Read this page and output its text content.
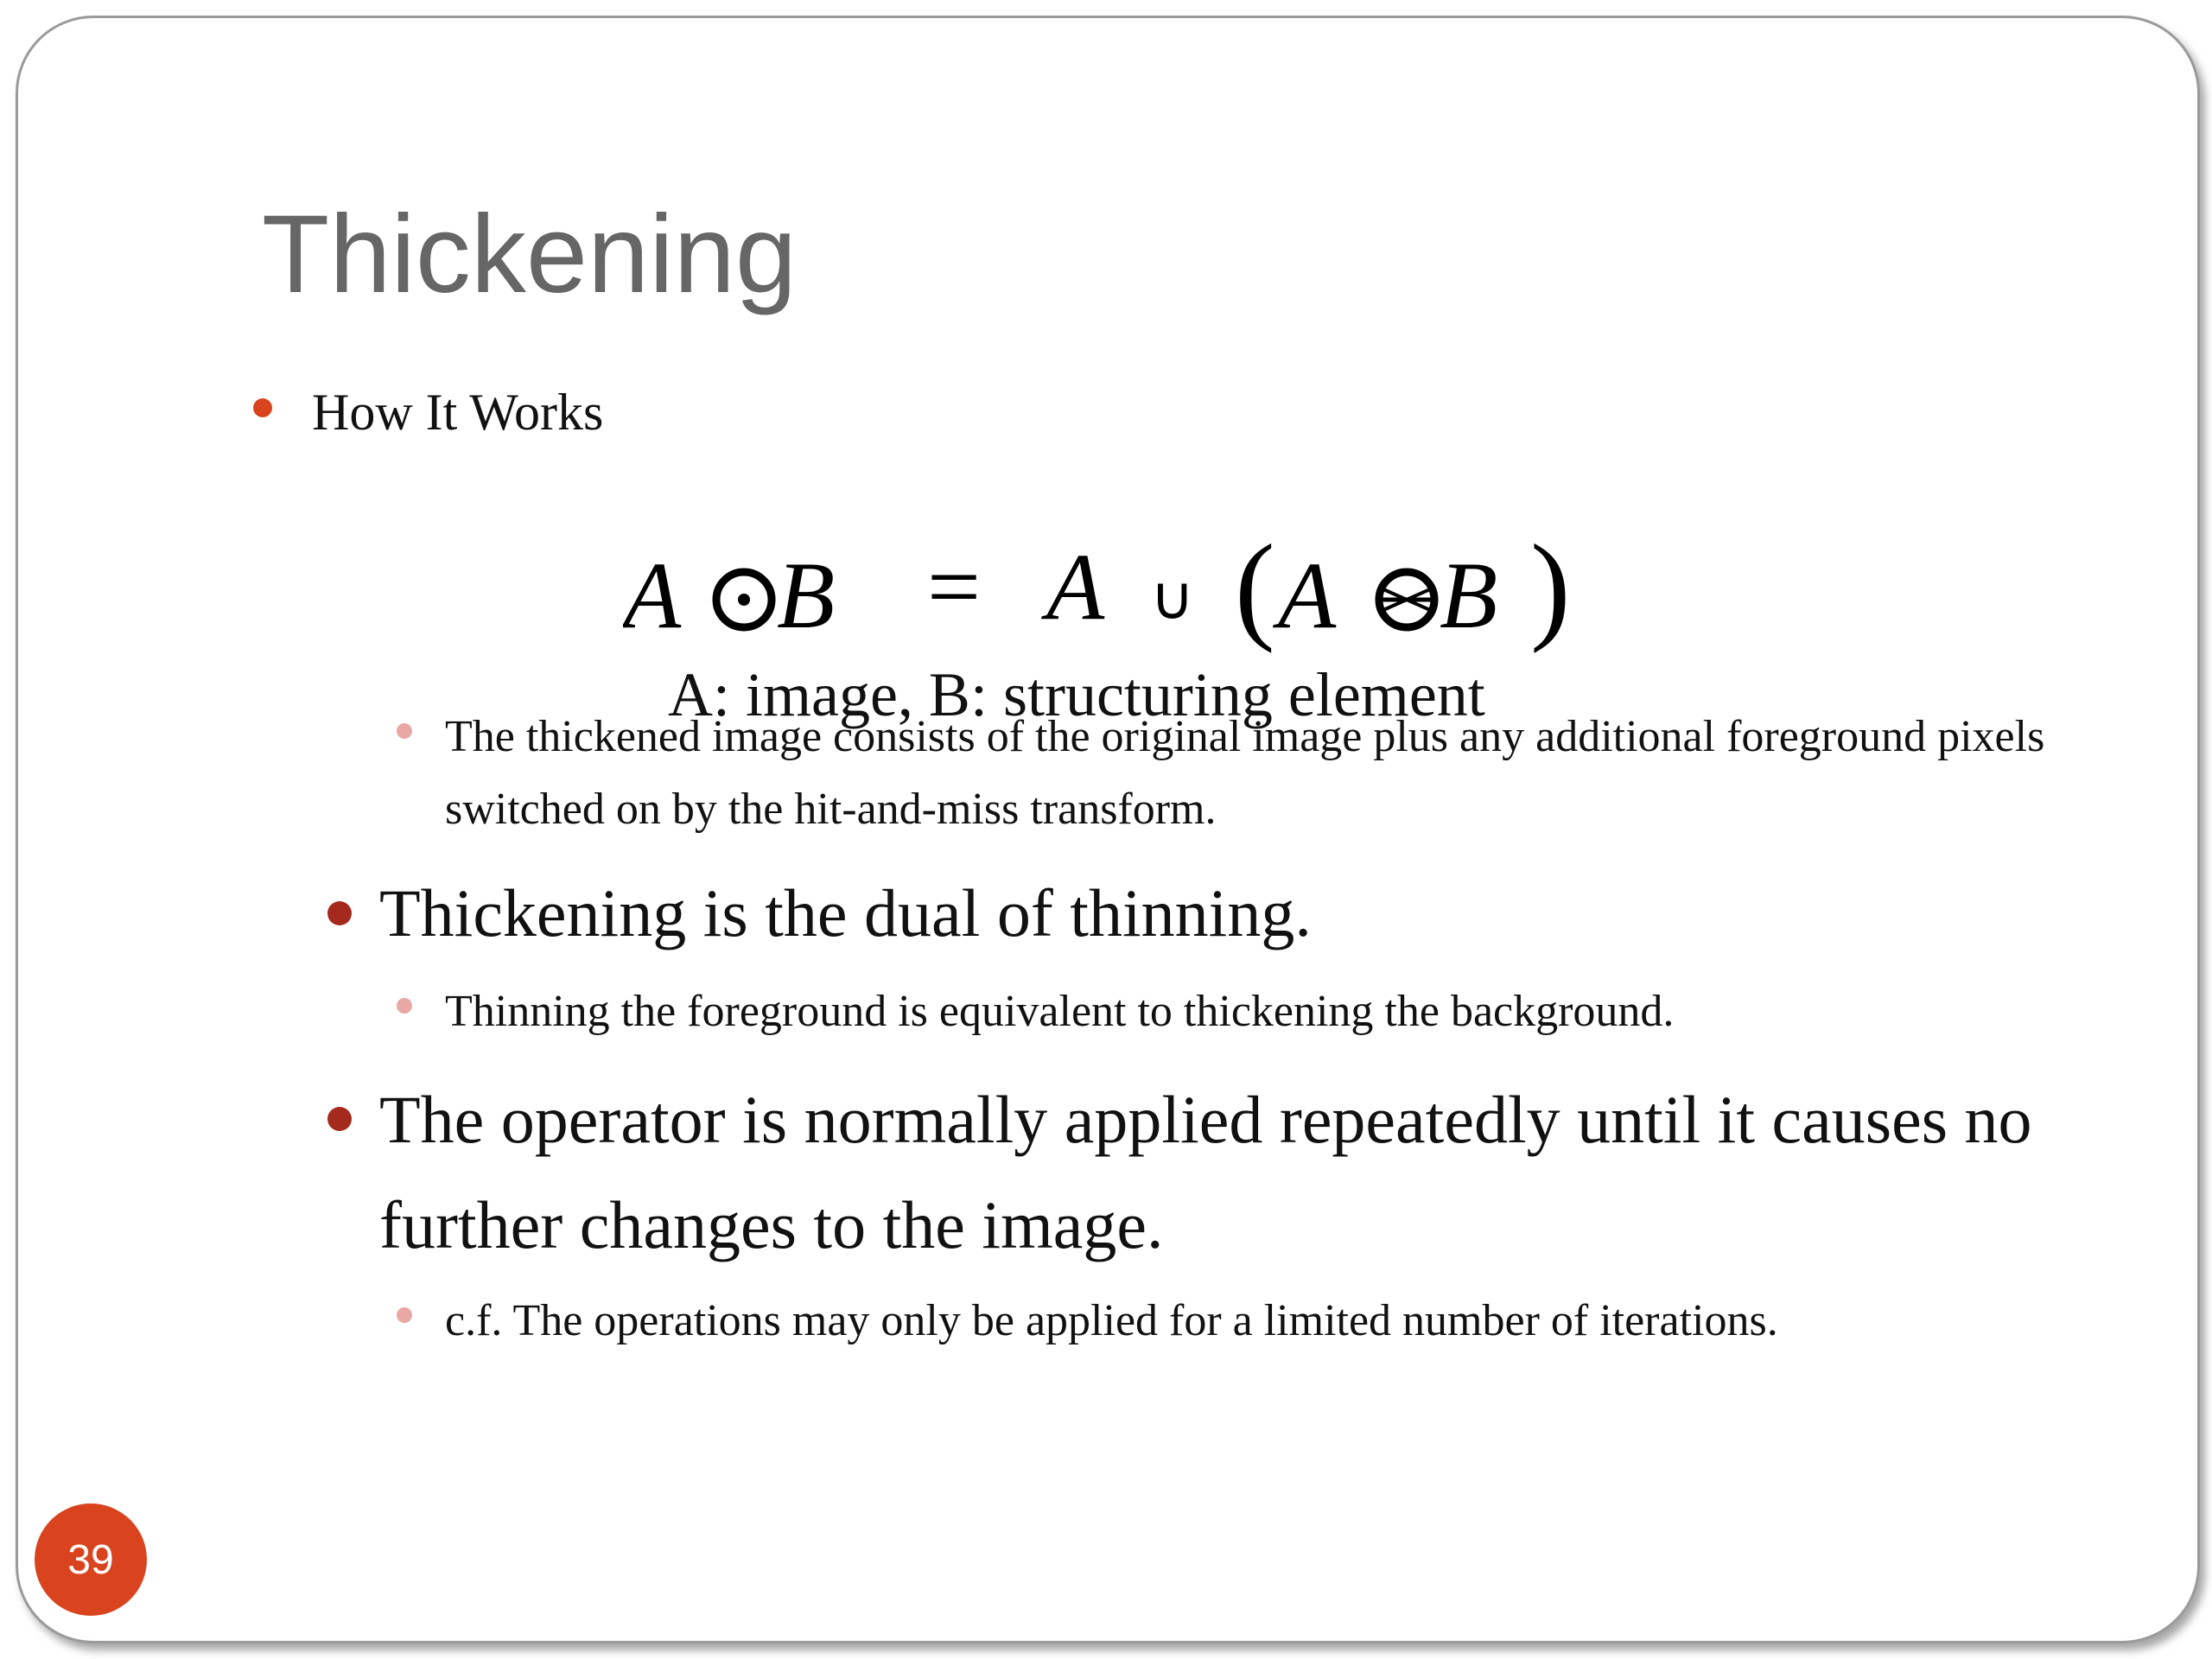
Thickening
How It Works
A B A A B
=	∪ ( )
A: image, B: structuring element
The thickened image consists of the original image plus any additional foreground pixels switched on by the hit-and-miss transform.
Thickening is the dual of thinning.
Thinning the foreground is equivalent to thickening the background.
The operator is normally applied repeatedly until it causes no further changes to the image.
c.f. The operations may only be applied for a limited number of iterations.
39
